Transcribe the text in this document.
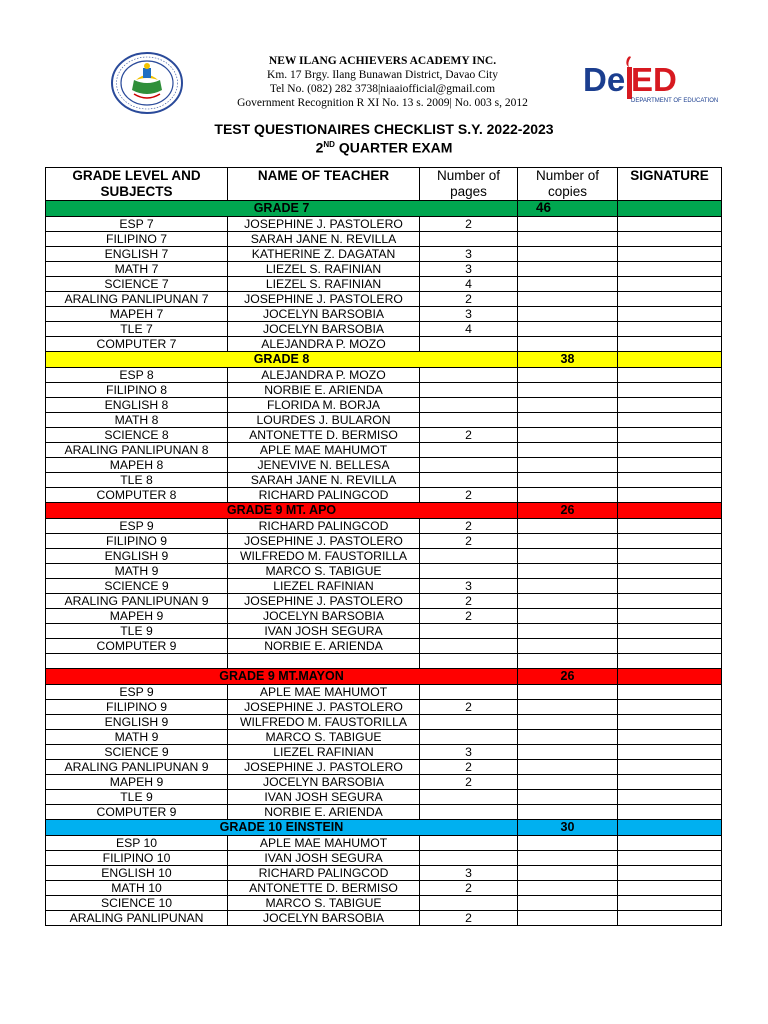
NEW ILANG ACHIEVERS ACADEMY INC.
Km. 17 Brgy. Ilang Bunawan District, Davao City
Tel No. (082) 282 3738|niaaiofficial@gmail.com
Government Recognition R XI No. 13 s. 2009| No. 003 s, 2012
De ED
DEPARTMENT OF EDUCATION
TEST QUESTIONAIRES CHECKLIST S.Y. 2022-2023
2ND QUARTER EXAM
GRADE LEVEL AND SUBJECTS	NAME OF TEACHER	Number of pages	Number of copies	SIGNATURE
GRADE 7			46	
ESP 7	JOSEPHINE J. PASTOLERO	2		
FILIPINO 7	SARAH JANE N. REVILLA			
ENGLISH 7	KATHERINE Z. DAGATAN	3		
MATH 7	LIEZEL S. RAFINIAN	3		
SCIENCE 7	LIEZEL S. RAFINIAN	4		
ARALING PANLIPUNAN 7	JOSEPHINE J. PASTOLERO	2		
MAPEH 7	JOCELYN BARSOBIA	3		
TLE 7	JOCELYN BARSOBIA	4		
COMPUTER 7	ALEJANDRA P. MOZO			
GRADE 8			38	
ESP 8	ALEJANDRA P. MOZO			
FILIPINO 8	NORBIE E. ARIENDA			
ENGLISH 8	FLORIDA M. BORJA			
MATH 8	LOURDES J. BULARON			
SCIENCE 8	ANTONETTE D. BERMISO	2		
ARALING PANLIPUNAN 8	APLE MAE MAHUMOT			
MAPEH 8	JENEVIVE N. BELLESA			
TLE 8	SARAH JANE N. REVILLA			
COMPUTER 8	RICHARD PALINGCOD	2		
GRADE 9 MT. APO			26	
ESP 9	RICHARD PALINGCOD	2		
FILIPINO 9	JOSEPHINE J. PASTOLERO	2		
ENGLISH 9	WILFREDO M. FAUSTORILLA			
MATH 9	MARCO S. TABIGUE			
SCIENCE 9	LIEZEL RAFINIAN	3		
ARALING PANLIPUNAN 9	JOSEPHINE J. PASTOLERO	2		
MAPEH 9	JOCELYN BARSOBIA	2		
TLE 9	IVAN JOSH SEGURA			
COMPUTER 9	NORBIE E. ARIENDA			

GRADE 9 MT.MAYON			26	
ESP 9	APLE MAE MAHUMOT			
FILIPINO 9	JOSEPHINE J. PASTOLERO	2		
ENGLISH 9	WILFREDO M. FAUSTORILLA			
MATH 9	MARCO S. TABIGUE			
SCIENCE 9	LIEZEL RAFINIAN	3		
ARALING PANLIPUNAN 9	JOSEPHINE J. PASTOLERO	2		
MAPEH 9	JOCELYN BARSOBIA	2		
TLE 9	IVAN JOSH SEGURA			
COMPUTER 9	NORBIE E. ARIENDA			
GRADE 10 EINSTEIN			30	
ESP 10	APLE MAE MAHUMOT			
FILIPINO 10	IVAN JOSH SEGURA			
ENGLISH 10	RICHARD PALINGCOD	3		
MATH 10	ANTONETTE D. BERMISO	2		
SCIENCE 10	MARCO S. TABIGUE			
ARALING PANLIPUNAN	JOCELYN BARSOBIA	2		
